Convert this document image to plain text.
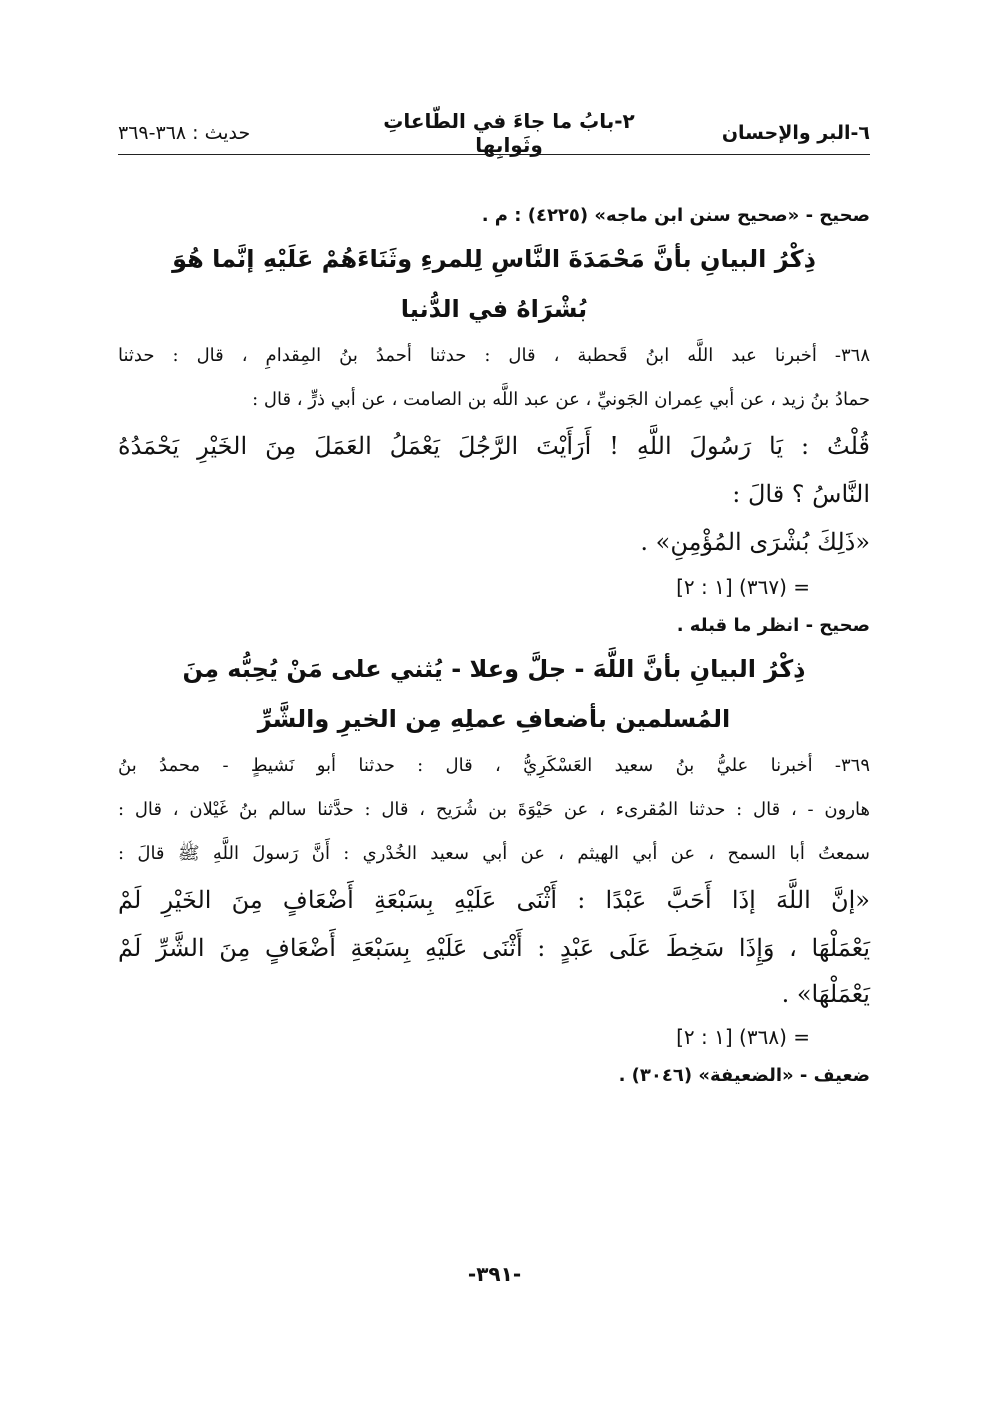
٦-البر والإحسان
٢-بابُ ما جاءَ في الطّاعاتِ وثَوابِها
حديث : ٣٦٨-٣٦٩
صحيح - «صحيح سنن ابن ماجه» (٤٢٢٥) : م .
ذِكْرُ البيانِ بأنَّ مَحْمَدَةَ النَّاسِ لِلمرءِ وثَنَاءَهُمْ عَلَيْهِ إنَّما هُوَ
بُشْرَاهُ في الدُّنيا
٣٦٨- أخبرنا عبد اللَّه ابنُ قَحطبة ، قال : حدثنا أحمدُ بنُ المِقدامِ ، قال : حدثنا
حمادُ بنُ زيد ، عن أبي عِمران الجَونيِّ ، عن عبد اللَّه بن الصامت ، عن أبي ذرٍّ ، قال :
قُلْتُ : يَا رَسُولَ اللَّهِ ! أَرَأَيْتَ الرَّجُلَ يَعْمَلُ العَمَلَ مِنَ الخَيْرِ يَحْمَدُهُ
النَّاسُ ؟ قالَ :
«ذَلِكَ بُشْرَى المُؤْمِنِ» .
= (٣٦٧) [١ : ٢]
صحيح - انظر ما قبله .
ذِكْرُ البيانِ بأنَّ اللَّهَ - جلَّ وعلا - يُثني على مَنْ يُحِبُّه مِنَ
المُسلمين بأضعافِ عملِهِ مِن الخيرِ والشَّرِّ
٣٦٩- أخبرنا عليُّ بنُ سعيد العَسْكَرِيُّ ، قال : حدثنا أبو نَشيطٍ - محمدُ بنُ
هارون - ، قال : حدثنا المُقرىء ، عن حَيْوَةَ بن شُرَيح ، قال : حدَّثنا سالم بنُ غَيْلان ، قال :
سمعتُ أبا السمح ، عن أبي الهيثم ، عن أبي سعيد الخُدْري : أَنَّ رَسولَ اللَّهِ ﷺ قالَ :
«إنَّ اللَّهَ إذَا أَحَبَّ عَبْدًا : أَثْنَى عَلَيْهِ بِسَبْعَةِ أَضْعَافٍ مِنَ الخَيْرِ لَمْ
يَعْمَلْهَا ، وَإِذَا سَخِطَ عَلَى عَبْدٍ : أَثْنَى عَلَيْهِ بِسَبْعَةِ أَضْعَافٍ مِنَ الشَّرِّ لَمْ
يَعْمَلْهَا» .
= (٣٦٨) [١ : ٢]
ضعيف - «الضعيفة» (٣٠٤٦) .
-٣٩١-
